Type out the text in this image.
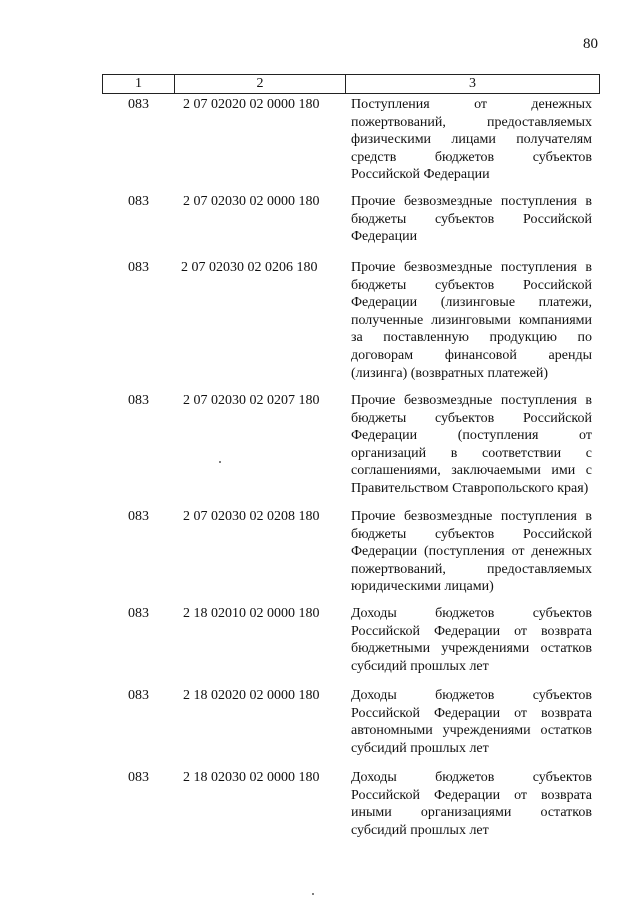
80
1	2	3
083 2 07 02020 02 0000 180 Поступления от денежных пожертвований, предоставляемых физическими лицами получателям средств бюджетов субъектов Российской Федерации
083 2 07 02030 02 0000 180 Прочие безвозмездные поступления в бюджеты субъектов Российской Федерации
083 2 07 02030 02 0206 180 Прочие безвозмездные поступления в бюджеты субъектов Российской Федерации (лизинговые платежи, полученные лизинговыми компаниями за поставленную продукцию по договорам финансовой аренды (лизинга) (возвратных платежей)
083 2 07 02030 02 0207 180 Прочие безвозмездные поступления в бюджеты субъектов Российской Федерации (поступления от организаций в соответствии с соглашениями, заключаемыми ими с Правительством Ставропольского края)
083 2 07 02030 02 0208 180 Прочие безвозмездные поступления в бюджеты субъектов Российской Федерации (поступления от денежных пожертвований, предоставляемых юридическими лицами)
083 2 18 02010 02 0000 180 Доходы бюджетов субъектов Российской Федерации от возврата бюджетными учреждениями остатков субсидий прошлых лет
083 2 18 02020 02 0000 180 Доходы бюджетов субъектов Российской Федерации от возврата автономными учреждениями остатков субсидий прошлых лет
083 2 18 02030 02 0000 180 Доходы бюджетов субъектов Российской Федерации от возврата иными организациями остатков субсидий прошлых лет
